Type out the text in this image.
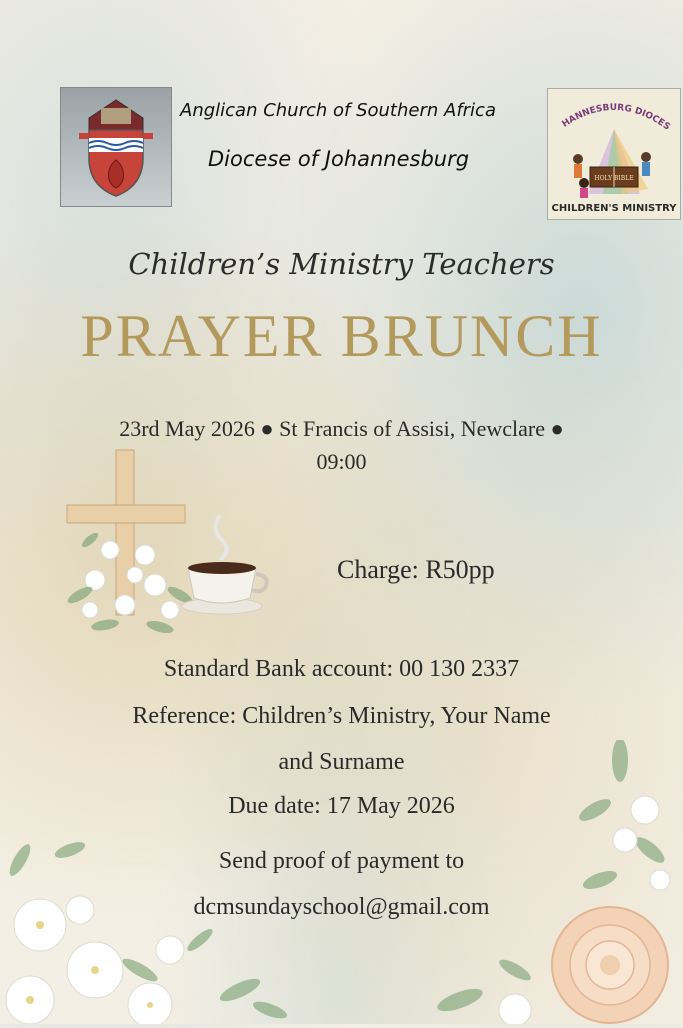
Anglican Church of Southern Africa
Diocese of Johannesburg
HANNESBURG DIOCES
HOLY BIBLE
CHILDREN'S MINISTRY
Children’s Ministry Teachers
PRAYER BRUNCH
23rd May 2026 ● St Francis of Assisi, Newclare ●
09:00
Charge: R50pp
Standard Bank account: 00 130 2337
Reference: Children’s Ministry, Your Name
and Surname
Due date: 17 May 2026
Send proof of payment to
dcmsundayschool@gmail.com
